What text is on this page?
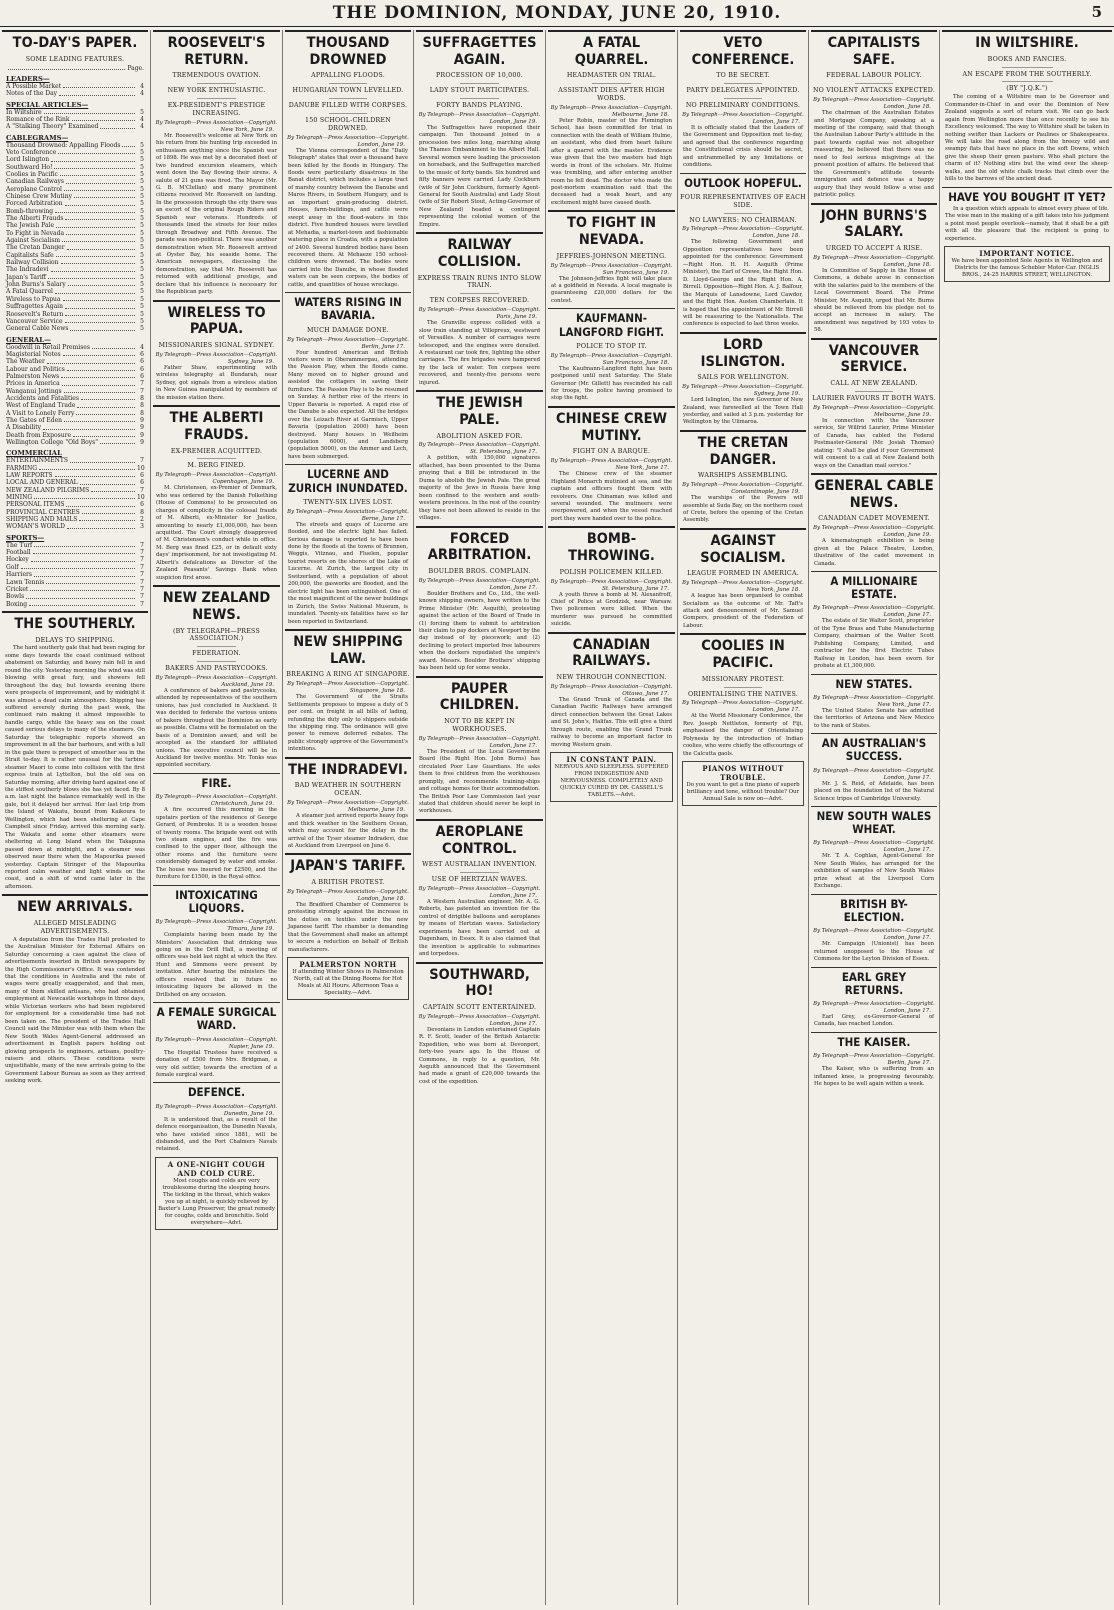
THE DOMINION, MONDAY, JUNE 20, 1910.	5
TO-DAY'S PAPER.
SOME LEADING FEATURES.
Page.
LEADERS—
A Possible Market	4
Notes of the Day	4
SPECIAL ARTICLES—
In Wiltshire	5
Romance of the Rink	4
A "Stalking Theory" Examined	4
CABLEGRAMS—
Thousand Drowned: Appalling Floods	5
Veto Conference	5
Lord Islington	5
Southward Ho!	5
Coolies in Pacific	5
Canadian Railways	5
Aeroplane Control	5
Chinese Crew Mutiny	5
Forced Arbitration	5
Bomb-throwing	5
The Alberti Frauds	5
The Jewish Pale	5
To Fight in Nevada	5
Against Socialism	5
The Cretan Danger	5
Capitalists Safe	5
Railway Collision	5
The Indradevi	5
Japan's Tariff	5
John Burns's Salary	5
A Fatal Quarrel	5
Wireless to Papua	5
Suffragettes Again	5
Roosevelt's Return	5
Vancouver Service	5
General Cable News	5
GENERAL—
Goodwill in Retail Premises	4
Magisterial Notes	6
The Weather	6
Labour and Politics	6
Palmerston News	6
Prices in America	7
Wanganui Jottings	7
Accidents and Fatalities	8
West of England Trade	8
A Visit to Lonely Ferry	8
The Gates of Eden	9
A Disability	9
Death from Exposure	9
Wellington College "Old Boys"	9
COMMERCIAL
ENTERTAINMENTS	7
FARMING	10
LAW REPORTS	6
LOCAL AND GENERAL	6
NEW ZEALAND PILGRIMS	7
MINING	10
PERSONAL ITEMS	6
PROVINCIAL CENTRES	8
SHIPPING AND MAILS	2
WOMAN'S WORLD	3
SPORTS—
The Turf	7
Football	7
Hockey	7
Golf	7
Harriers	7
Lawn Tennis	7
Cricket	7
Bowls	7
Boxing	7
THE SOUTHERLY.
DELAYS TO SHIPPING.
The hard southerly gale that had been raging for some days towards the coast continued without abatement on Saturday, and heavy rain fell in and round the city. Yesterday morning the wind was still blowing with great fury, and showers fell throughout the day, but towards evening there were prospects of improvement, and by midnight it was almost a dead calm atmosphere. Shipping has suffered severely during the past week, the continued rain making it almost impossible to handle cargo, while the heavy sea on the coast caused serious delays to many of the steamers. On Saturday the telegraphic reports showed an improvement in all the bar harbours, and with a lull in the gale there is prospect of smoother sea in the Strait to-day. It is rather unusual for the turbine steamer Maori to come into collision with the first express train at Lyttelton, but the old sea on Saturday morning, after driving hard against one of the stiffest southerly blows she has yet faced. By 8 a.m. last night the balance remarkably well in the gale, but it delayed her arrival. Her last trip from the Island of Wakatu, bound from Kaikoura to Wellington, which had been sheltering at Cape Campbell since Friday, arrived this morning early. The Wakatu and some other steamers were sheltering at Long Island when the Takapuna passed down at midnight, and a steamer was observed near there when the Mapourika passed yesterday. Captain Stringer of the Mapourika reported calm weather and light winds on the coast, and a shift of wind came later in the afternoon.
NEW ARRIVALS.
ALLEGED MISLEADING ADVERTISEMENTS.
A deputation from the Trades Hall protested to the Australian Minister for External Affairs on Saturday concerning a case against the class of advertisements inserted in British newspapers by the High Commissioner's Office. It was contended that the conditions in Australia and the rate of wages were greatly exaggerated, and that men, many of them skilled artisans, who had obtained employment at Newcastle workshops in three days, while Victorian workers who had been registered for employment for a considerable time had not been taken on. The president of the Trades Hall Council said the Minister was with them when the New South Wales Agent-General addressed an advertisement in English papers holding out glowing prospects to engineers, artisans, poultry-raisers and others. These conditions were unjustifiable, many of the new arrivals going to the Government Labour Bureau as soon as they arrived seeking work.
ROOSEVELT'S RETURN.
TREMENDOUS OVATION.
NEW YORK ENTHUSIASTIC.
EX-PRESIDENT'S PRESTIGE INCREASING.
By Telegraph—Press Association—Copyright.
New York, June 19.
Mr. Roosevelt's welcome at New York on his return from his hunting trip exceeded in enthusiasm anything since the Spanish war of 1898. He was met by a decorated fleet of two hundred excursion steamers, which went down the Bay flowing their sirens. A salute of 21 guns was fired. The Mayor (Mr. G. B. M'Clellan) and many prominent citizens received Mr. Roosevelt on landing. In the procession through the city there was an escort of the original Rough Riders and Spanish war veterans. Hundreds of thousands lined the streets for four miles through Broadway and Fifth Avenue. The parade was non-political. There was another demonstration when Mr. Roosevelt arrived at Oyster Bay, his seaside home. The American newspapers, discussing the demonstration, say that Mr. Roosevelt has returned with additional prestige, and declare that his influence is necessary for the Republican party.
WIRELESS TO PAPUA.
MISSIONARIES SIGNAL SYDNEY.
By Telegraph—Press Association—Copyright.
Sydney, June 19.
Father Shaw, experimenting with wireless telegraphy at Bundarah, near Sydney, got signals from a wireless station in New Guinea manipulated by members of the mission station there.
THE ALBERTI FRAUDS.
EX-PREMIER ACQUITTED.
M. BERG FINED.
By Telegraph—Press Association—Copyright.
Copenhagen, June 19.
M. Christensen, ex-Premier of Denmark, who was ordered by the Danish Folkething (House of Commons) to be prosecuted on charges of complicity in the colossal frauds of M. Alberti, ex-Minister for Justice, amounting to nearly £1,000,000, has been acquitted. The Court strongly disapproved of M. Christensen's conduct while in office. M. Berg was fined £25, or in default sixty days' imprisonment, for not investigating M. Alberti's defalcations as Director of the Zealand Peasants' Savings Bank when suspicion first arose.
NEW ZEALAND NEWS.
(BY TELEGRAPH—PRESS ASSOCIATION.)
FEDERATION.
BAKERS AND PASTRYCOOKS.
By Telegraph—Press Association—Copyright.
Auckland, June 19.
A conference of bakers and pastrycooks, attended by representatives of the southern unions, has just concluded in Auckland. It was decided to federate the various unions of bakers throughout the Dominion as early as possible. Claims will be formulated on the basis of a Dominion award, and will be accepted as the standard for affiliated unions. The executive council will be in Auckland for twelve months. Mr. Tonks was appointed secretary.
FIRE.
By Telegraph—Press Association—Copyright.
Christchurch, June 19.
A fire occurred this morning in the upstairs portion of the residence of George Gerard, of Pembroke. It is a wooden house of twenty rooms. The brigade went out with two steam engines, and the fire was confined to the upper floor, although the other rooms and the furniture were considerably damaged by water and smoke. The house was insured for £2500, and the furniture for £1500, in the Royal office.
INTOXICATING LIQUORS.
By Telegraph—Press Association—Copyright.
Timaru, June 19.
Complaints having been made by the Ministers' Association that drinking was going on in the Drill Hall, a meeting of officers was held last night at which the Rev. Hunt and Simmons were present by invitation. After hearing the ministers the officers resolved that in future no intoxicating liquors be allowed in the Drillshed on any occasion.
A FEMALE SURGICAL WARD.
By Telegraph—Press Association—Copyright.
Napier, June 19.
The Hospital Trustees have received a donation of £500 from Mrs. Bridgman, a very old settler, towards the erection of a female surgical ward.
DEFENCE.
By Telegraph—Press Association—Copyright.
Dunedin, June 19.
It is understood that, as a result of the defence reorganisation, the Dunedin Navals, who have existed since 1881, will be disbanded, and the Port Chalmers Navals retained.
A ONE-NIGHT COUGH AND COLD CURE.
Most coughs and colds are very troublesome during the sleeping hours. The tickling in the throat, which wakes you up at night, is quickly relieved by Baxter's Lung Preserver, the great remedy for coughs, colds and bronchitis. Sold everywhere—Advt.
THOUSAND DROWNED
APPALLING FLOODS.
HUNGARIAN TOWN LEVELLED.
DANUBE FILLED WITH CORPSES.
150 SCHOOL-CHILDREN DROWNED.
By Telegraph—Press Association—Copyright.
London, June 19.
The Vienna correspondent of the "Daily Telegraph" states that over a thousand have been killed by the floods in Hungary. The floods were particularly disastrous in the Banat district, which includes a large tract of marshy country between the Danube and Maros Rivers, in Southern Hungary, and is an important grain-producing district. Houses, farm-buildings, and cattle were swept away in the flood-waters in this district. Five hundred houses were levelled at Mehadia, a market-town and fashionable watering place in Croatia, with a population of 2400. Several hundred bodies have been recovered there. At Mehaeze 150 school-children were drowned. The bodies were carried into the Danube, in whose flooded waters can be seen corpses, the bodies of cattle, and quantities of house wreckage.
WATERS RISING IN BAVARIA.
MUCH DAMAGE DONE.
By Telegraph—Press Association—Copyright.
Berlin, June 17.
Four hundred American and British visitors were in Oberammergau, attending the Passion Play, when the floods came. Many moved on to higher ground and assisted the cottagers in saving their furniture. The Passion Play is to be resumed on Sunday. A further rise of the rivers in Upper Bavaria is reported. A rapid rise of the Danube is also expected. All the bridges over the Leizach River at Garmisch, Upper Bavaria (population 2000) have been destroyed. Many houses in Weilheim (population 6000), and Landsberg (population 5000), on the Ammer and Lech, have been submerged.
LUCERNE AND ZURICH INUNDATED.
TWENTY-SIX LIVES LOST.
By Telegraph—Press Association—Copyright.
Berne, June 17.
The streets and quays of Lucerne are flooded, and the electric light has failed. Serious damage is reported to have been done by the floods at the towns of Brunnen, Weggis, Vitznau, and Fluelen, popular tourist resorts on the shores of the Lake of Lucerne. At Zurich, the largest city in Switzerland, with a population of about 200,000, the gasworks are flooded, and the electric light has been extinguished. One of the most magnificent of the newer buildings in Zurich, the Swiss National Museum, is inundated. Twenty-six fatalities have so far been reported in Switzerland.
NEW SHIPPING LAW.
BREAKING A RING AT SINGAPORE.
By Telegraph—Press Association—Copyright.
Singapore, June 18.
The Government of the Straits Settlements proposes to impose a duty of 5 per cent. on freight in all bills of lading, refunding the duty only to shippers outside the shipping ring. The ordinance will give power to remove deferred rebates. The public strongly approve of the Government's intentions.
THE INDRADEVI.
BAD WEATHER IN SOUTHERN OCEAN.
By Telegraph—Press Association—Copyright.
Melbourne, June 19.
A steamer just arrived reports heavy fogs and thick weather in the Southern Ocean, which may account for the delay in the arrival of the Tyser steamer Indradevi, due at Auckland from Liverpool on June 6.
JAPAN'S TARIFF.
A BRITISH PROTEST.
By Telegraph—Press Association—Copyright.
London, June 18.
The Bradford Chamber of Commerce is protesting strongly against the increase in the duties on textiles under the new Japanese tariff. The chamber is demanding that the Government shall make an attempt to secure a reduction on behalf of British manufacturers.
PALMERSTON NORTH
If attending Winter Shows in Palmerston North, call at the Dining Rooms for Hot Meals at All Hours. Afternoon Teas a Speciality.—Advt.
SUFFRAGETTES AGAIN.
PROCESSION OF 10,000.
LADY STOUT PARTICIPATES.
FORTY BANDS PLAYING.
By Telegraph—Press Association—Copyright.
London, June 19.
The Suffragettes have reopened their campaign. Ten thousand joined in a procession two miles long, marching along the Thames Embankment to the Albert Hall. Several women were leading the procession on horseback, and the Suffragettes marched to the music of forty bands. Six hundred and fifty banners were carried. Lady Cockburn (wife of Sir John Cockburn, formerly Agent-General for South Australia) and Lady Stout (wife of Sir Robert Stout, Acting-Governor of New Zealand) headed a contingent representing the colonial women of the Empire.
RAILWAY COLLISION.
EXPRESS TRAIN RUNS INTO SLOW TRAIN.
TEN CORPSES RECOVERED.
By Telegraph—Press Association—Copyright.
Paris, June 19.
The Granville express collided with a slow train standing at Villepreux, westward of Versailles. A number of carriages were telescoped, and the engines were derailed. A restaurant car took fire, lighting the other carriages. The fire brigades were hampered by the lack of water. Ten corpses were recovered, and twenty-five persons were injured.
THE JEWISH PALE.
ABOLITION ASKED FOR.
By Telegraph—Press Association—Copyright.
St. Petersburg, June 17.
A petition, with 150,000 signatures attached, has been presented to the Duma praying that a Bill be introduced in the Duma to abolish the Jewish Pale. The great majority of the Jews in Russia have long been confined to the western and south-western provinces. In the rest of the country they have not been allowed to reside in the villages.
FORCED ARBITRATION.
BOULDER BROS. COMPLAIN.
By Telegraph—Press Association—Copyright.
London, June 17.
Boulder Brothers and Co., Ltd., the well-known shipping owners, have written to the Prime Minister (Mr. Asquith), protesting against the action of the Board of Trade in (1) forcing them to submit to arbitration their claim to pay dockers at Newport by the day instead of by piecework; and (2) declining to protect imported free labourers when the dockers repudiated the umpire's award. Messrs. Boulder Brothers' shipping has been held up for some weeks.
PAUPER CHILDREN.
NOT TO BE KEPT IN WORKHOUSES.
By Telegraph—Press Association—Copyright.
London, June 17.
The President of the Local Government Board (the Right Hon. John Burns) has circulated Poor Law Guardians. He asks them to free children from the workhouses promptly, and recommends training-ships and cottage homes for their accommodation. The British Poor Law Commission last year stated that children should never be kept in workhouses.
AEROPLANE CONTROL.
WEST AUSTRALIAN INVENTION.
USE OF HERTZIAN WAVES.
By Telegraph—Press Association—Copyright.
London, June 17.
A Western Australian engineer, Mr. A. G. Roberts, has patented an invention for the control of dirigible balloons and aeroplanes by means of Hertzian waves. Satisfactory experiments have been carried out at Dagenham, in Essex. It is also claimed that the invention is applicable to submarines and torpedoes.
SOUTHWARD, HO!
CAPTAIN SCOTT ENTERTAINED.
By Telegraph—Press Association—Copyright.
London, June 17.
Devonians in London entertained Captain R. F. Scott, leader of the British Antarctic Expedition, who was born at Devonport, forty-two years ago. In the House of Commons, in reply to a question, Mr. Asquith announced that the Government had made a grant of £20,000 towards the cost of the expedition.
A FATAL QUARREL.
HEADMASTER ON TRIAL.
ASSISTANT DIES AFTER HIGH WORDS.
By Telegraph—Press Association—Copyright.
Melbourne, June 18.
Peter Robin, master of the Flemington School, has been committed for trial in connection with the death of William Hulme, an assistant, who died from heart failure after a quarrel with the master. Evidence was given that the two masters had high words in front of the scholars. Mr. Hulme was trembling, and after entering another room he fell dead. The doctor who made the post-mortem examination said that the deceased had a weak heart, and any excitement might have caused death.
TO FIGHT IN NEVADA.
JEFFRIES-JOHNSON MEETING.
By Telegraph—Press Association—Copyright.
San Francisco, June 19.
The Johnson-Jeffries fight will take place at a goldfield in Nevada. A local magnate is guaranteeing £20,000 dollars for the contest.
KAUFMANN-LANGFORD FIGHT.
POLICE TO STOP IT.
By Telegraph—Press Association—Copyright.
San Francisco, June 18.
The Kaufmann-Langford fight has been postponed until next Saturday. The State Governor (Mr. Gillett) has rescinded his call for troops, the police having promised to stop the fight.
CHINESE CREW MUTINY.
FIGHT ON A BARQUE.
By Telegraph—Press Association—Copyright.
New York, June 17.
The Chinese crew of the steamer Highland Monarch mutinied at sea, and the captain and officers fought them with revolvers. One Chinaman was killed and several wounded. The mutineers were overpowered, and when the vessel reached port they were handed over to the police.
BOMB-THROWING.
POLISH POLICEMEN KILLED.
By Telegraph—Press Association—Copyright.
St. Petersburg, June 17.
A youth threw a bomb at M. Alexanfroff, Chief of Police at Grodzisk, near Warsaw. Two policemen were killed. When the murderer was pursued he committed suicide.
CANADIAN RAILWAYS.
NEW THROUGH CONNECTION.
By Telegraph—Press Association—Copyright.
Ottawa, June 17.
The Grand Trunk of Canada and the Canadian Pacific Railways have arranged direct connection between the Great Lakes and St. John's, Halifax. This will give a third through route, enabling the Grand Trunk railway to become an important factor in moving Western grain.
IN CONSTANT PAIN.
NERVOUS AND SLEEPLESS. SUFFERED FROM INDIGESTION AND NERVOUSNESS. COMPLETELY AND QUICKLY CURED BY DR. CASSELL'S TABLETS.—Advt.
VETO CONFERENCE.
TO BE SECRET.
PARTY DELEGATES APPOINTED.
NO PRELIMINARY CONDITIONS.
By Telegraph—Press Association—Copyright.
London, June 17.
It is officially stated that the Leaders of the Government and Opposition met to-day, and agreed that the conference regarding the Constitutional crisis should be secret, and untrammelled by any limitations or conditions.
OUTLOOK HOPEFUL.
FOUR REPRESENTATIVES OF EACH SIDE.
NO LAWYERS: NO CHAIRMAN.
By Telegraph—Press Association—Copyright.
London, June 18.
The following Government and Opposition representatives have been appointed for the conference: Government—Right Hon. H. H. Asquith (Prime Minister), the Earl of Crewe, the Right Hon. D. Lloyd-George and the Right Hon. A. Birrell. Opposition—Right Hon. A. J. Balfour, the Marquis of Lansdowne, Lord Cawdor, and the Right Hon. Austen Chamberlain. It is hoped that the appointment of Mr. Birrell will be reassuring to the Nationalists. The conference is expected to last three weeks.
LORD ISLINGTON.
SAILS FOR WELLINGTON.
By Telegraph—Press Association—Copyright.
Sydney, June 19.
Lord Islington, the new Governor of New Zealand, was farewelled at the Town Hall yesterday, and sailed at 3 p.m. yesterday for Wellington by the Ulimaroa.
THE CRETAN DANGER.
WARSHIPS ASSEMBLING.
By Telegraph—Press Association—Copyright.
Constantinople, June 19.
The warships of the Powers will assemble at Suda Bay, on the northern coast of Crete, before the opening of the Cretan Assembly.
AGAINST SOCIALISM.
LEAGUE FORMED IN AMERICA.
By Telegraph—Press Association—Copyright.
New York, June 18.
A league has been organised to combat Socialism as the outcome of Mr. Taft's attack and denouncement of Mr. Samuel Gompers, president of the Federation of Labour.
COOLIES IN PACIFIC.
MISSIONARY PROTEST.
ORIENTALISING THE NATIVES.
By Telegraph—Press Association—Copyright.
London, June 17.
At the World Missionary Conference, the Rev. Joseph Nettleton, formerly of Fiji, emphasised the danger of Orientalising Polynesia by the introduction of Indian coolies, who were chiefly the offscourings of the Calcutta gaols.
PIANOS WITHOUT TROUBLE.
Do you want to get a fine piano of superb brilliancy and tone, without trouble? Our Annual Sale is now on—Advt.
CAPITALISTS SAFE.
FEDERAL LABOUR POLICY.
NO VIOLENT ATTACKS EXPECTED.
By Telegraph—Press Association—Copyright.
London, June 18.
The chairman of the Australian Estates and Mortgage Company, speaking at a meeting of the company, said that though the Australian Labour Party's attitude in the past towards capital was not altogether reassuring, he believed that there was no need to feel serious misgivings at the present position of affairs. He believed that the Government's attitude towards immigration and defence was a happy augury that they would follow a wise and patriotic policy.
JOHN BURNS'S SALARY.
URGED TO ACCEPT A RISE.
By Telegraph—Press Association—Copyright.
London, June 18.
In Committee of Supply in the House of Commons, a debate arose in connection with the salaries paid to the members of the Local Government Board. The Prime Minister, Mr. Asquith, urged that Mr. Burns should be relieved from his pledge not to accept an increase in salary. The amendment was negatived by 193 votes to 58.
VANCOUVER SERVICE.
CALL AT NEW ZEALAND.
LAURIER FAVOURS IT BOTH WAYS.
By Telegraph—Press Association—Copyright.
Melbourne, June 19.
In connection with the Vancouver service, Sir Wilfrid Laurier, Prime Minister of Canada, has cabled the Federal Postmaster-General (Mr. Josiah Thomas) stating: "I shall be glad if your Government will consent to a call at New Zealand both ways on the Canadian mail service."
GENERAL CABLE NEWS.
CANADIAN CADET MOVEMENT.
By Telegraph—Press Association—Copyright.
London, June 19.
A kinematograph exhibition is being given at the Palace Theatre, London, illustrative of the cadet movement in Canada.
A MILLIONAIRE ESTATE.
By Telegraph—Press Association—Copyright.
London, June 17.
The estate of Sir Walter Scott, proprietor of the Tyne Brass and Tube Manufacturing Company, chairman of the Walter Scott Publishing Company, Limited, and contractor for the first Electric Tubes Railway in London, has been sworn for probate at £1,300,000.
NEW STATES.
By Telegraph—Press Association—Copyright.
New York, June 17.
The United States Senate has admitted the territories of Arizona and New Mexico to the rank of States.
AN AUSTRALIAN'S SUCCESS.
By Telegraph—Press Association—Copyright.
London, June 17.
Mr. J. S. Reid, of Adelaide, has been placed on the foundation list of the Natural Science tripos of Cambridge University.
NEW SOUTH WALES WHEAT.
By Telegraph—Press Association—Copyright.
London, June 17.
Mr. T. A. Coghlan, Agent-General for New South Wales, has arranged for the exhibition of samples of New South Wales prize wheat at the Liverpool Corn Exchange.
BRITISH BY-ELECTION.
By Telegraph—Press Association—Copyright.
London, June 17.
Mr. Campaign (Unionist) has been returned unopposed to the House of Commons for the Leyton Division of Essex.
EARL GREY RETURNS.
By Telegraph—Press Association—Copyright.
London, June 17.
Earl Grey, ex-Governor-General of Canada, has reached London.
THE KAISER.
By Telegraph—Press Association—Copyright.
Berlin, June 17.
The Kaiser, who is suffering from an inflamed knee, is progressing favourably. He hopes to be well again within a week.
IN WILTSHIRE.
BOOKS AND FANCIES.
AN ESCAPE FROM THE SOUTHERLY.
(BY "J.Q.K.")
The coming of a Wiltshire man to be Governor and Commander-in-Chief in and over the Dominion of New Zealand suggests a sort of return visit. We can go back again from Wellington more than once recently to see his Excellency welcomed. The way to Wiltshire shall be taken in nothing swifter than Lackers or Paulines or Shakespeares. We will take the road along from the breezy wild and swampy flats that have no place in the soft Downs, which give the sheep their green pasture. Who shall picture the charm of it? Nothing stirs but the wind over the sheep-walks, and the old white chalk tracks that climb over the hills to the barrows of the ancient dead.
HAVE YOU BOUGHT IT YET?
In a question which appeals to almost every phase of life. The wise man in the making of a gift takes into his judgment a point most people overlook—namely, that it shall be a gift with all the pleasure that the recipient is going to experience.
IMPORTANT NOTICE.
We have been appointed Sole Agents in Wellington and Districts for the famous Schebler Motor-Car. INGLIS BROS., 24-25 HARRIS STREET, WELLINGTON.
